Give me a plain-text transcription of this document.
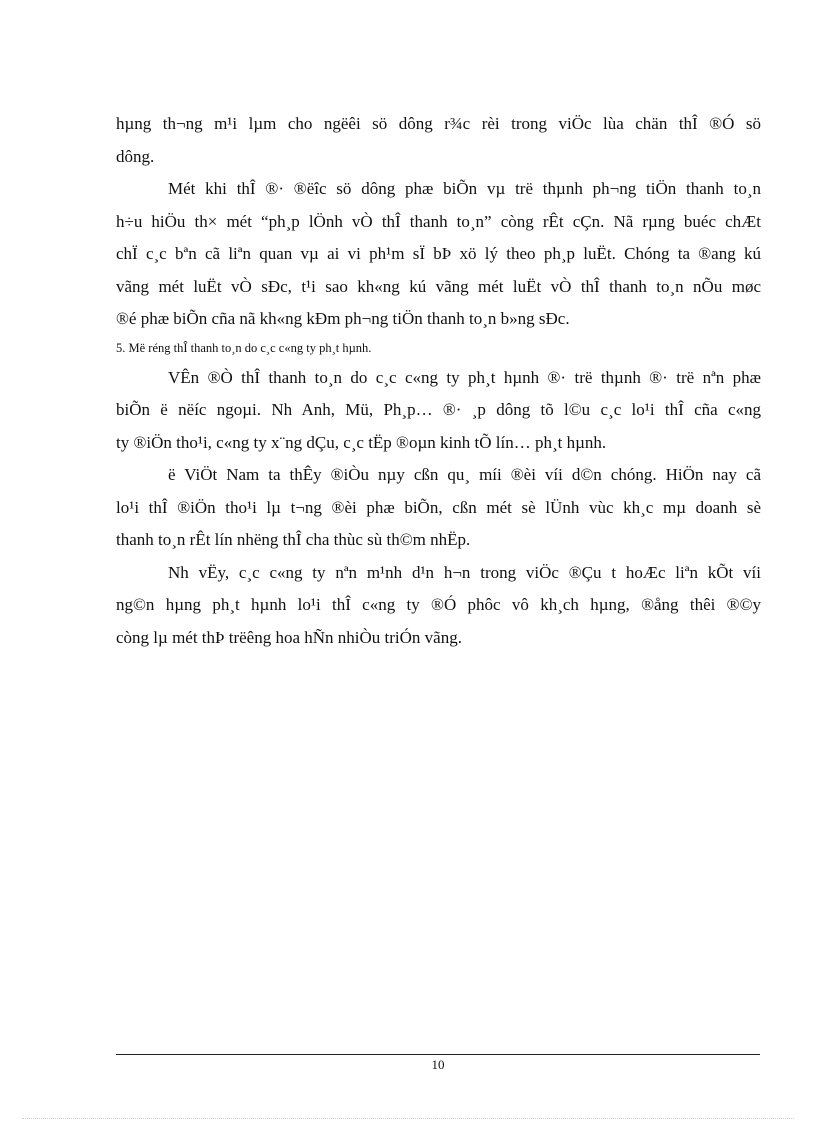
hµng th¬ng m¹i lµm cho ngëêi sö dông r¾c rèi trong viÖc lùa chän thÎ ®Ó sö
dông.
Mét khi thÎ ®· ®ëîc sö dông phæ biÕn vµ trë thµnh ph¬ng tiÖn thanh to¸n
h÷u hiÖu th× mét “ph¸p lÖnh vÒ thÎ thanh to¸n” còng rÊt cÇn. Nã rµng buéc chÆt
chÏ c¸c bªn cã liªn quan vµ ai vi ph¹m sÏ bÞ xö lý theo ph¸p luËt. Chóng ta ®ang kú
vãng mét luËt vÒ sÐc, t¹i sao kh«ng kú vãng mét luËt vÒ thÎ thanh to¸n nÕu møc
®é phæ biÕn cña nã kh«ng kÐm ph¬ng tiÖn thanh to¸n b»ng sÐc.
5. Më réng thÎ thanh to¸n do c¸c c«ng ty ph¸t hµnh.
VÊn ®Ò thÎ thanh to¸n do c¸c c«ng ty ph¸t hµnh ®· trë thµnh ®· trë nªn phæ
biÕn ë nëíc ngoµi. Nh Anh, Mü, Ph¸p… ®· ¸p dông tõ l©u c¸c lo¹i thÎ cña c«ng
ty ®iÖn tho¹i, c«ng ty x¨ng dÇu, c¸c tËp ®oµn kinh tÕ lín… ph¸t hµnh.
ë ViÖt Nam ta thÊy ®iÒu nµy cßn qu¸ míi ®èi víi d©n chóng. HiÖn nay cã
lo¹i thÎ ®iÖn tho¹i lµ t¬ng ®èi phæ biÕn, cßn mét sè lÜnh vùc kh¸c mµ doanh sè
thanh to¸n rÊt lín nhëng thÎ cha thùc sù th©m nhËp.
Nh vËy, c¸c c«ng ty nªn m¹nh d¹n h¬n trong viÖc ®Çu t hoÆc liªn kÕt víi
ng©n hµng ph¸t hµnh lo¹i thÎ c«ng ty ®Ó phôc vô kh¸ch hµng, ®ång thêi ®©y
còng lµ mét thÞ trëêng hoa hÑn nhiÒu triÓn vãng.
10
